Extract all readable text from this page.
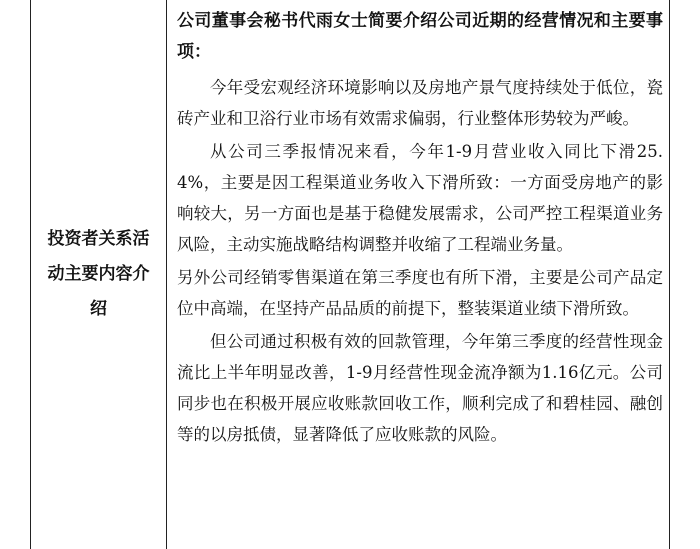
投资者关系活动主要内容介绍
公司董事会秘书代雨女士简要介绍公司近期的经营情况和主要事项：

今年受宏观经济环境影响以及房地产景气度持续处于低位，瓷砖产业和卫浴行业市场有效需求偏弱，行业整体形势较为严峻。

从公司三季报情况来看，今年1-9月营业收入同比下滑25.4%，主要是因工程渠道业务收入下滑所致：一方面受房地产的影响较大，另一方面也是基于稳健发展需求，公司严控工程渠道业务风险，主动实施战略结构调整并收缩了工程端业务量。

另外公司经销零售渠道在第三季度也有所下滑，主要是公司产品定位中高端，在坚持产品品质的前提下，整装渠道业绩下滑所致。

但公司通过积极有效的回款管理，今年第三季度的经营性现金流比上半年明显改善，1-9月经营性现金流净额为1.16亿元。公司同步也在积极开展应收账款回收工作，顺利完成了和碧桂园、融创等的以房抵债，显著降低了应收账款的风险。
